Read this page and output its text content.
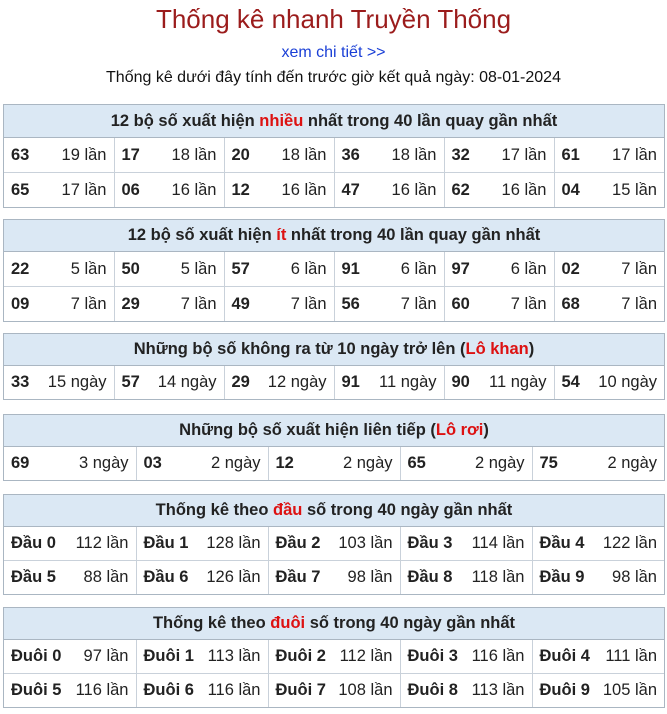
Thống kê nhanh Truyền Thống
xem chi tiết >>
Thống kê dưới đây tính đến trước giờ kết quả ngày: 08-01-2024
12 bộ số xuất hiện nhiều nhất trong 40 lần quay gần nhất
63 19 lần	17 18 lần	20 18 lần	36 18 lần	32 17 lần	61 17 lần

65 17 lần	06 16 lần	12 16 lần	47 16 lần	62 16 lần	04 15 lần
12 bộ số xuất hiện ít nhất trong 40 lần quay gần nhất
22 5 lần	50 5 lần	57 6 lần	91 6 lần	97 6 lần	02 7 lần

09 7 lần	29 7 lần	49 7 lần	56 7 lần	60 7 lần	68 7 lần
Những bộ số không ra từ 10 ngày trở lên (Lô khan)
33 15 ngày	57 14 ngày	29 12 ngày	91 11 ngày	90 11 ngày	54 10 ngày
Những bộ số xuất hiện liên tiếp (Lô rơi)
69	3 ngày	03	2 ngày	12	2 ngày	65	2 ngày	75	2 ngày
Thống kê theo đầu số trong 40 ngày gần nhất
Đầu 0 112 lần	Đầu 1 128 lần	Đầu 2 103 lần	Đầu 3 114 lần	Đầu 4 122 lần

Đầu 5 88 lần	Đầu 6 126 lần	Đầu 7 98 lần	Đầu 8 118 lần	Đầu 9 98 lần
Thống kê theo đuôi số trong 40 ngày gần nhất
Đuôi 0 97 lần	Đuôi 1 113 lần	Đuôi 2 112 lần	Đuôi 3 116 lần	Đuôi 4 111 lần

Đuôi 5 116 lần	Đuôi 6 116 lần	Đuôi 7 108 lần	Đuôi 8 113 lần	Đuôi 9 105 lần
